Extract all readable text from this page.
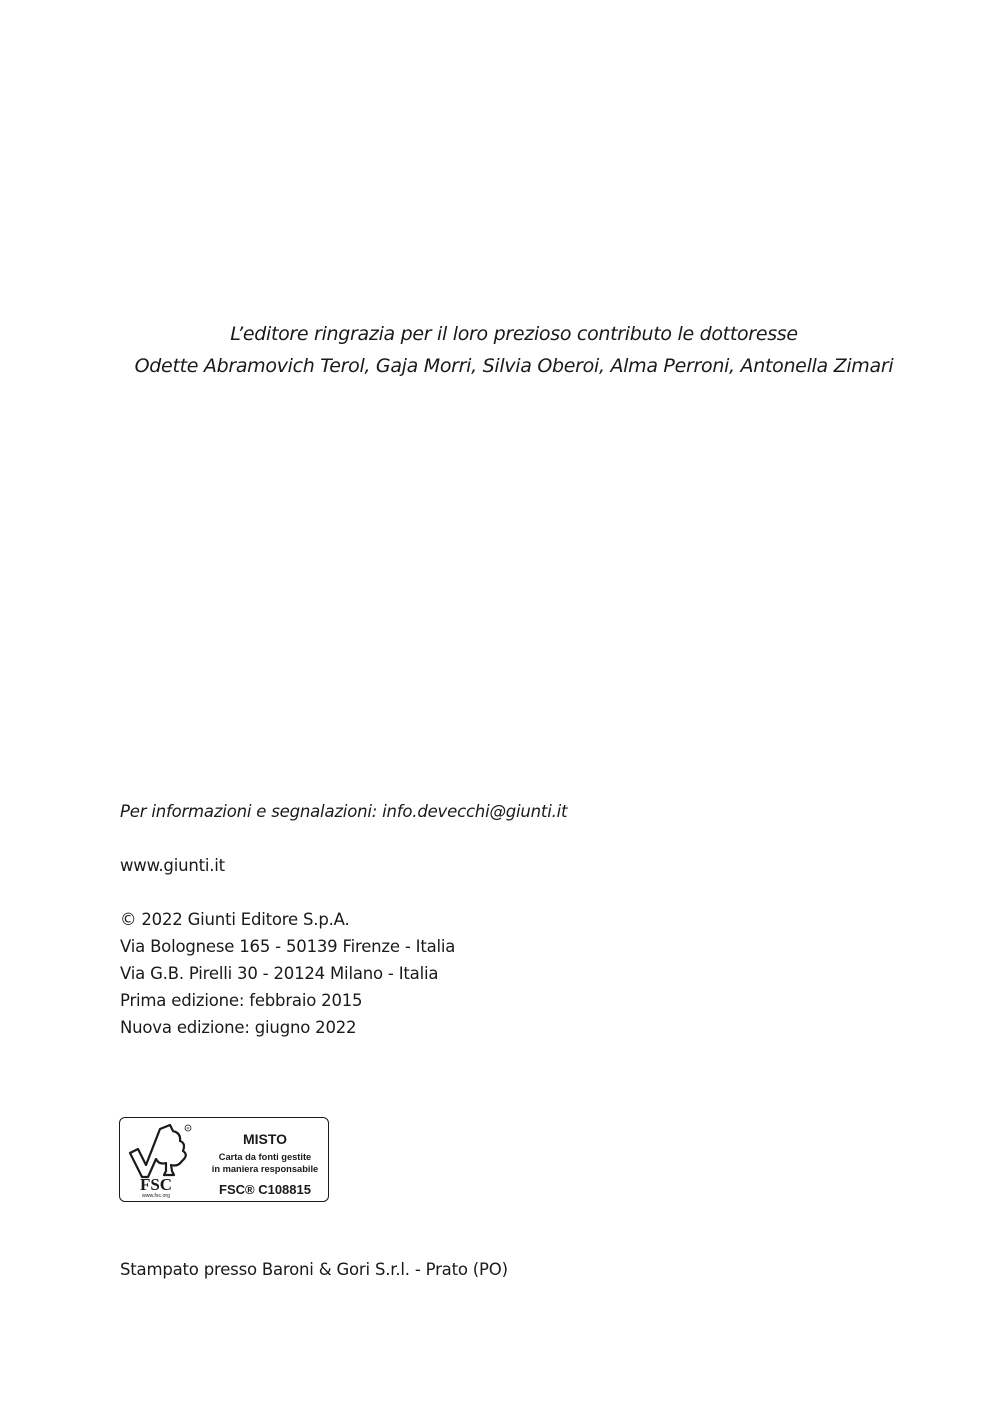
L’editore ringrazia per il loro prezioso contributo le dottoresse
Odette Abramovich Terol, Gaja Morri, Silvia Oberoi, Alma Perroni, Antonella Zimari
Per informazioni e segnalazioni: info.devecchi@giunti.it
www.giunti.it
© 2022 Giunti Editore S.p.A.
Via Bolognese 165 - 50139 Firenze - Italia
Via G.B. Pirelli 30 - 20124 Milano - Italia
Prima edizione: febbraio 2015
Nuova edizione: giugno 2022
R
FSC
www.fsc.org
MISTO
Carta da fonti gestite
in maniera responsabile
FSC® C108815
Stampato presso Baroni & Gori S.r.l. - Prato (PO)
